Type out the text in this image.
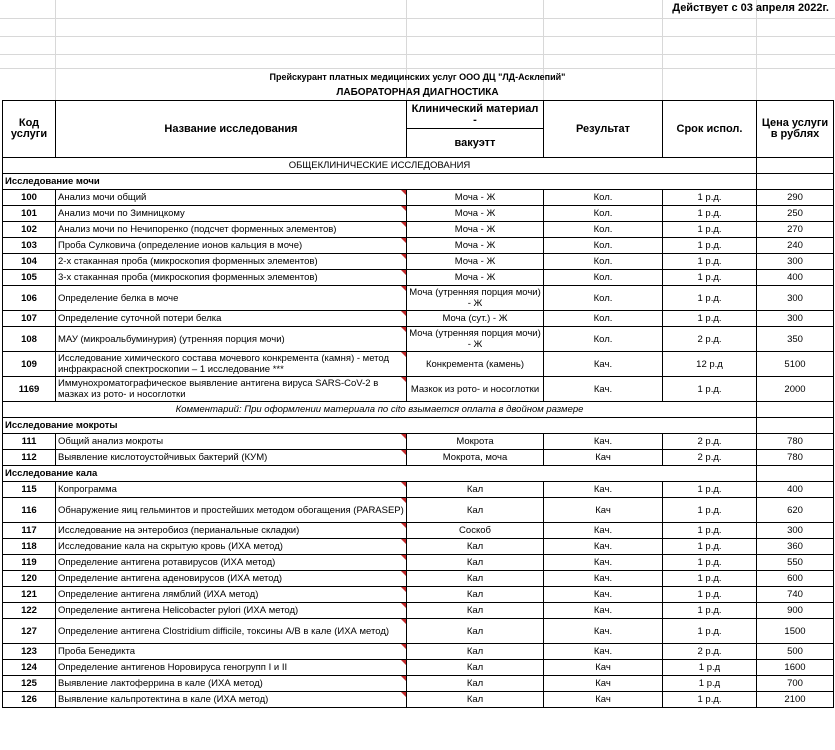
Действует с 03 апреля 2022г.
Прейскурант платных медицинских услуг ООО ДЦ "ЛД-Асклепий"
ЛАБОРАТОРНАЯ ДИАГНОСТИКА
Код услуги	Название исследования	Клинический материал -	Результат	Срок испол.	Цена услуги в рублях
		вакуэтт			
ОБЩЕКЛИНИЧЕСКИЕ ИССЛЕДОВАНИЯ					
Исследование мочи					
100	Анализ мочи общий	Моча - Ж	Кол.	1 р.д.	290
101	Анализ мочи по Зимницкому	Моча - Ж	Кол.	1 р.д.	250
102	Анализ мочи по Нечипоренко (подсчет форменных элементов)	Моча - Ж	Кол.	1 р.д.	270
103	Проба Сулковича (определение ионов кальция в моче)	Моча - Ж	Кол.	1 р.д.	240
104	2-х стаканная проба (микроскопия форменных элементов)	Моча - Ж	Кол.	1 р.д.	300
105	3-х стаканная проба (микроскопия форменных элементов)	Моча - Ж	Кол.	1 р.д.	400
106	Определение белка в моче	Моча (утренняя порция мочи) - Ж	Кол.	1 р.д.	300
107	Определение суточной потери белка	Моча (сут.) - Ж	Кол.	1 р.д.	300
108	МАУ (микроальбуминурия) (утренняя порция мочи)	Моча (утренняя порция мочи) - Ж	Кол.	2 р.д.	350
109	Исследование химического состава мочевого конкремента (камня) - метод инфракрасной спектроскопии – 1 исследование ***	Конкремента (камень)	Кач.	12 р.д	5100
1169	Иммунохроматографическое выявление антигена вируса SARS-CoV-2 в мазках из рото- и носоглотки	Мазкок из рото- и носоглотки	Кач.	1 р.д.	2000
Комментарий: При оформлении материала по cito взымается оплата в двойном размере					
Исследование мокроты					
111	Общий анализ мокроты	Мокрота	Кач.	2 р.д.	780
112	Выявление кислотоустойчивых бактерий (КУМ)	Мокрота, моча	Кач	2 р.д.	780
Исследование кала					
115	Копрограмма	Кал	Кач.	1 р.д.	400
116	Обнаружение яиц гельминтов и простейших методом обогащения (PARASEP)	Кал	Кач	1 р.д.	620
117	Исследование на энтеробиоз (перианальные складки)	Соскоб	Кач.	1 р.д.	300
118	Исследование кала на скрытую кровь (ИХА метод)	Кал	Кач.	1 р.д.	360
119	Определение антигена ротавирусов (ИХА метод)	Кал	Кач.	1 р.д.	550
120	Определение антигена аденовирусов (ИХА метод)	Кал	Кач.	1 р.д.	600
121	Определение антигена лямблий (ИХА метод)	Кал	Кач.	1 р.д.	740
122	Определение антигена Helicobacter pylori (ИХА метод)	Кал	Кач.	1 р.д.	900
127	Определение антигена Clostridium difficile, токсины А/В в кале (ИХА метод)	Кал	Кач.	1 р.д.	1500
123	Проба Бенедикта	Кал	Кач.	2 р.д.	500
124	Определение антигенов Норовируса геногрупп I и II	Кал	Кач	1 р.д	1600
125	Выявление лактоферрина в кале (ИХА метод)	Кал	Кач	1 р.д	700
126	Выявление кальпротектина в кале (ИХА метод)	Кал	Кач	1 р.д.	2100
